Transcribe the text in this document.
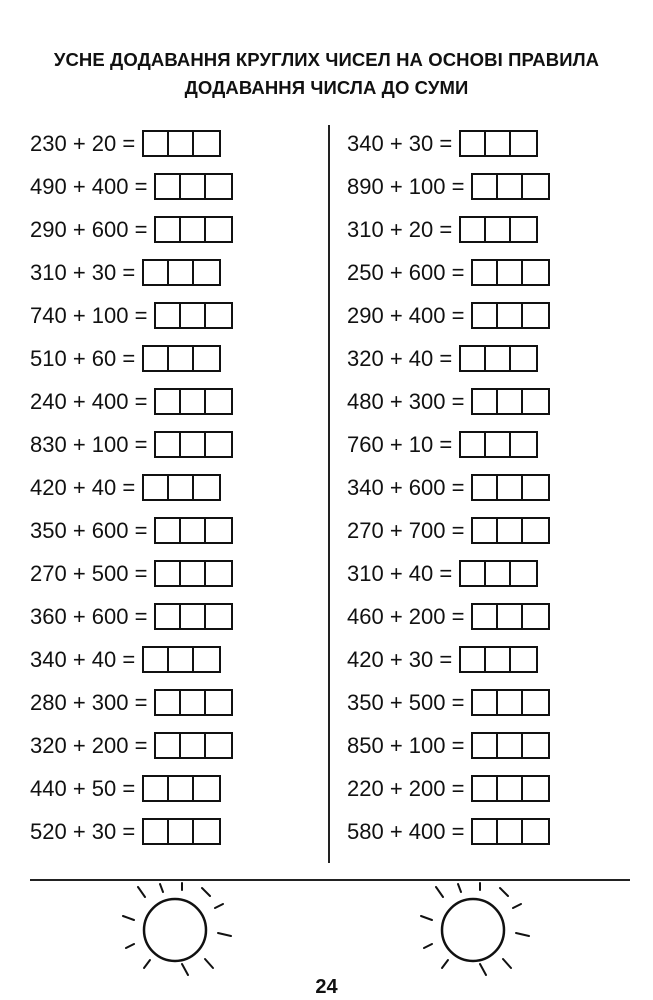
УСНЕ ДОДАВАННЯ КРУГЛИХ ЧИСЕЛ НА ОСНОВІ ПРАВИЛА
ДОДАВАННЯ ЧИСЛА ДО СУМИ
230 + 20 =
490 + 400 =
290 + 600 =
310 + 30 =
740 + 100 =
510 + 60 =
240 + 400 =
830 + 100 =
420 + 40 =
350 + 600 =
270 + 500 =
360 + 600 =
340 + 40 =
280 + 300 =
320 + 200 =
440 + 50 =
520 + 30 =
340 + 30 =
890 + 100 =
310 + 20 =
250 + 600 =
290 + 400 =
320 + 40 =
480 + 300 =
760 + 10 =
340 + 600 =
270 + 700 =
310 + 40 =
460 + 200 =
420 + 30 =
350 + 500 =
850 + 100 =
220 + 200 =
580 + 400 =
24
